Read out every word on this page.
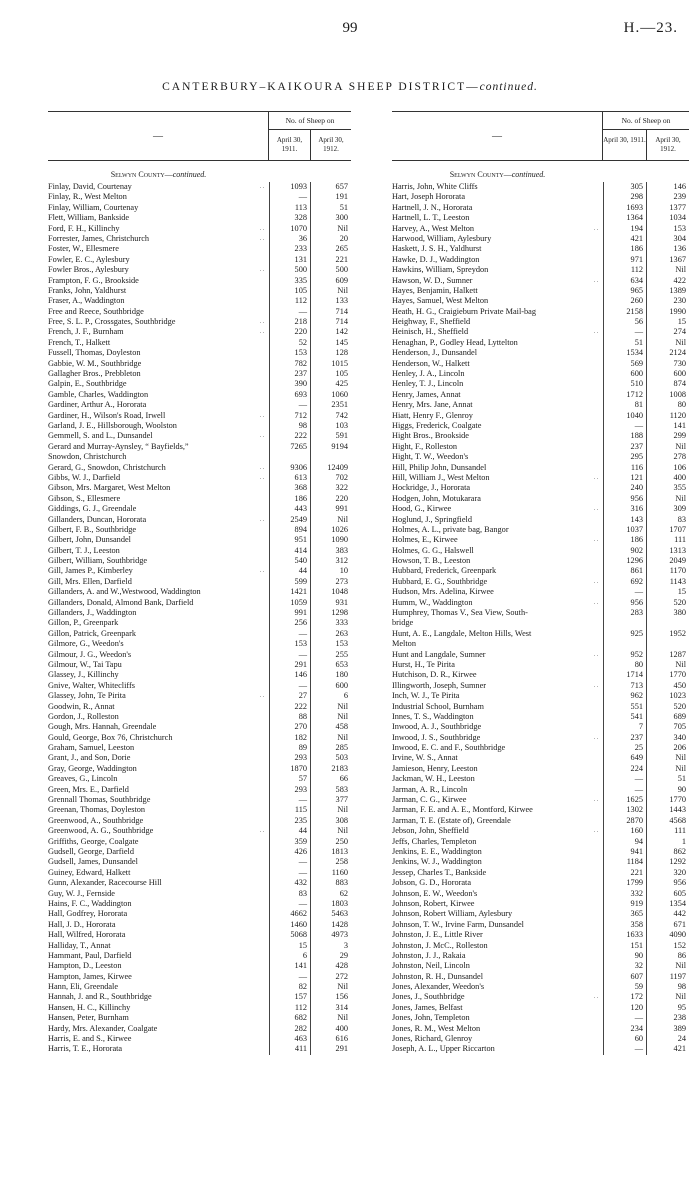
99	H.—23.
CANTERBURY–KAIKOURA SHEEP DISTRICT—continued.
—
No. of Sheep on
April 30, 1911.
April 30, 1912.
Selwyn County—continued.
Finlay, David, Courtenay	. .	1093	657
Finlay, R., West Melton	—	191
Finlay, William, Courtenay	113	51
Flett, William, Bankside	328	300
Ford, F. H., Killinchy	. .	1070	Nil
Forrester, James, Christchurch	. .	36	20
Foster, W., Ellesmere	233	265
Fowler, E. C., Aylesbury	131	221
Fowler Bros., Aylesbury	. .	500	500
Frampton, F. G., Brookside	335	609
Franks, John, Yaldhurst	105	Nil
Fraser, A., Waddington	112	133
Free and Reece, Southbridge	—	714
Free, S. L. P., Crossgates, Southbridge	. .	218	714
French, J. F., Burnham	. .	220	142
French, T., Halkett	52	145
Fussell, Thomas, Doyleston	153	128
Gabbie, W. M., Southbridge	782	1015
Gallagher Bros., Prebbleton	237	105
Galpin, E., Southbridge	390	425
Gamble, Charles, Waddington	693	1060
Gardiner, Arthur A., Hororata	—	2351
Gardiner, H., Wilson's Road, Irwell	. .	712	742
Garland, J. E., Hillsborough, Woolston	98	103
Gemmell, S. and L., Dunsandel	. .	222	591
Gerard and Murray-Aynsley, “ Bayfields,”	7265	9194
Snowdon, Christchurch
Gerard, G., Snowdon, Christchurch	. .	9306	12409
Gibbs, W. J., Darfield	. .	613	702
Gibson, Mrs. Margaret, West Melton	368	322
Gibson, S., Ellesmere	186	220
Giddings, G. J., Greendale	443	991
Gillanders, Duncan, Hororata	. .	2549	Nil
Gilbert, F. B., Southbridge	894	1026
Gilbert, John, Dunsandel	951	1090
Gilbert, T. J., Leeston	414	383
Gilbert, William, Southbridge	540	312
Gill, James P., Kimberley	. .	44	10
Gill, Mrs. Ellen, Darfield	599	273
Gillanders, A. and W.,Westwood, Waddington	1421	1048
Gillanders, Donald, Almond Bank, Darfield	1059	931
Gillanders, J., Waddington	991	1298
Gillon, P., Greenpark	256	333
Gillon, Patrick, Greenpark	—	263
Gilmore, G., Weedon's	153	153
Gilmour, J. G., Weedon's	—	255
Gilmour, W., Tai Tapu	291	653
Glassey, J., Killinchy	146	180
Gnive, Walter, Whitecliffs	—	600
Glassey, John, Te Pirita	. .	27	6
Goodwin, R., Annat	222	Nil
Gordon, J., Rolleston	88	Nil
Gough, Mrs. Hannah, Greendale	270	458
Gould, George, Box 76, Christchurch	182	Nil
Graham, Samuel, Leeston	89	285
Grant, J., and Son, Dorie	293	503
Gray, George, Waddington	1870	2183
Greaves, G., Lincoln	57	66
Green, Mrs. E., Darfield	293	583
Grennall Thomas, Southbridge	—	377
Greenan, Thomas, Doyleston	115	Nil
Greenwood, A., Southbridge	235	308
Greenwood, A. G., Southbridge	. .	44	Nil
Griffiths, George, Coalgate	359	250
Gudsell, George, Darfield	426	1813
Gudsell, James, Dunsandel	—	258
Guiney, Edward, Halkett	—	1160
Gunn, Alexander, Racecourse Hill	432	883
Guy, W. J., Fernside	83	62
Hains, F. C., Waddington	—	1803
Hall, Godfrey, Hororata	4662	5463
Hall, J. D., Hororata	1460	1428
Hall, Wilfred, Hororata	5068	4973
Halliday, T., Annat	15	3
Hammant, Paul, Darfield	6	29
Hampton, D., Leeston	141	428
Hampton, James, Kirwee	—	272
Hann, Eli, Greendale	82	Nil
Hannah, J. and R., Southbridge	157	156
Hansen, H. C., Killinchy	112	314
Hansen, Peter, Burnham	682	Nil
Hardy, Mrs. Alexander, Coalgate	282	400
Harris, E. and S., Kirwee	463	616
Harris, T. E., Hororata	411	291
—
No. of Sheep on
April 30, 1911.	April 30, 1912.
Selwyn County—continued.
Harris, John, White Cliffs	305	146
Hart, Joseph Hororata	298	239
Hartnell, J. N., Hororata	1693	1377
Hartnell, L. T., Leeston	1364	1034
Harvey, A., West Melton	. .	194	153
Harwood, William, Aylesbury	421	304
Haskett, J. S. H., Yaldhurst	186	136
Hawke, D. J., Waddington	971	1367
Hawkins, William, Spreydon	112	Nil
Hawson, W. D., Sumner	. .	634	422
Hayes, Benjamin, Halkett	965	1389
Hayes, Samuel, West Melton	260	230
Heath, H. G., Craigieburn Private Mail-bag	2158	1990
Heighway, F., Sheffield	56	15
Heinisch, H., Sheffield	. .	—	274
Henaghan, P., Godley Head, Lyttelton	51	Nil
Henderson, J., Dunsandel	1534	2124
Henderson, W., Halkett	569	730
Henley, J. A., Lincoln	600	600
Henley, T. J., Lincoln	510	874
Henry, James, Annat	1712	1008
Henry, Mrs. Jane, Annat	81	80
Hiatt, Henry F., Glenroy	1040	1120
Higgs, Frederick, Coalgate	—	141
Hight Bros., Brookside	188	299
Hight, F., Rolleston	237	Nil
Hight, T. W., Weedon's	295	278
Hill, Philip John, Dunsandel	116	106
Hill, William J., West Melton	. .	121	400
Hockridge, J., Hororata	240	355
Hodgen, John, Motukarara	956	Nil
Hood, G., Kirwee	. .	316	309
Hoglund, J., Springfield	143	83
Holmes, A. L., private bag, Bangor	1037	1707
Holmes, E., Kirwee	. .	186	111
Holmes, G. G., Halswell	902	1313
Howson, T. B., Leeston	1296	2049
Hubbard, Frederick, Greenpark	861	1170
Hubbard, E. G., Southbridge	. .	692	1143
Hudson, Mrs. Adelina, Kirwee	—	15
Humm, W., Waddington	. .	956	520
Humphrey, Thomas V., Sea View, South-	283	380
bridge
Hunt, A. E., Langdale, Melton Hills, West	925	1952
Melton
Hunt and Langdale, Sumner	. .	952	1287
Hurst, H., Te Pirita	80	Nil
Hutchison, D. R., Kirwee	1714	1770
Illingworth, Joseph, Sumner	. .	713	450
Inch, W. J., Te Pirita	962	1023
Industrial School, Burnham	551	520
Innes, T. S., Waddington	541	689
Inwood, A. J., Southbridge	7	705
Inwood, J. S., Southbridge	. .	237	340
Inwood, E. C. and F., Southbridge	25	206
Irvine, W. S., Annat	649	Nil
Jamieson, Henry, Leeston	224	Nil
Jackman, W. H., Leeston	—	51
Jarman, A. R., Lincoln	—	90
Jarman, C. G., Kirwee	. .	1625	1770
Jarman, F. E. and A. E., Montford, Kirwee	1302	1443
Jarman, T. E. (Estate of), Greendale	2870	4568
Jebson, John, Sheffield	. .	160	111
Jeffs, Charles, Templeton	94	1
Jenkins, E. E., Waddington	941	862
Jenkins, W. J., Waddington	1184	1292
Jessep, Charles T., Bankside	221	320
Jobson, G. D., Hororata	1799	956
Johnson, E. W., Weedon's	332	605
Johnson, Robert, Kirwee	919	1354
Johnson, Robert William, Aylesbury	365	442
Johnson, T. W., Irvine Farm, Dunsandel	358	671
Johnston, J. E., Little River	1633	4090
Johnston, J. McC., Rolleston	151	152
Johnston, J. J., Rakaia	90	86
Johnston, Neil, Lincoln	32	Nil
Johnston, R. H., Dunsandel	607	1197
Jones, Alexander, Weedon's	59	98
Jones, J., Southbridge	. .	172	Nil
Jones, James, Belfast	120	95
Jones, John, Templeton	—	238
Jones, R. M., West Melton	234	389
Jones, Richard, Glenroy	60	24
Joseph, A. L., Upper Riccarton	—	421
